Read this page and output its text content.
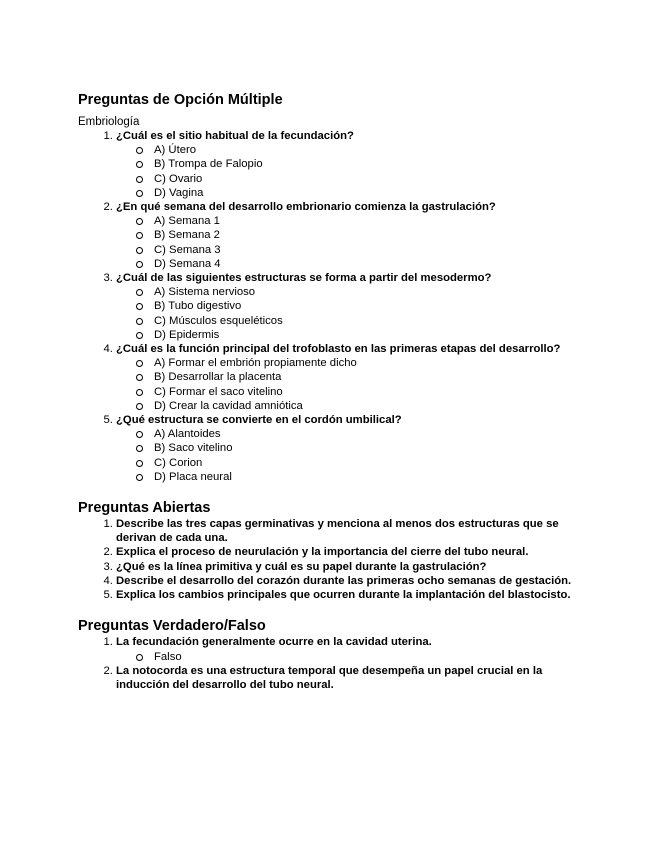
Preguntas de Opción Múltiple

Embriología

1. ¿Cuál es el sitio habitual de la fecundación?
A) Útero
B) Trompa de Falopio
C) Ovario
D) Vagina
2. ¿En qué semana del desarrollo embrionario comienza la gastrulación?
A) Semana 1
B) Semana 2
C) Semana 3
D) Semana 4
3. ¿Cuál de las siguientes estructuras se forma a partir del mesodermo?
A) Sistema nervioso
B) Tubo digestivo
C) Músculos esqueléticos
D) Epidermis
4. ¿Cuál es la función principal del trofoblasto en las primeras etapas del desarrollo?
A) Formar el embrión propiamente dicho
B) Desarrollar la placenta
C) Formar el saco vitelino
D) Crear la cavidad amniótica
5. ¿Qué estructura se convierte en el cordón umbilical?
A) Alantoides
B) Saco vitelino
C) Corion
D) Placa neural
Preguntas Abiertas
1. Describe las tres capas germinativas y menciona al menos dos estructuras que se derivan de cada una.
2. Explica el proceso de neurulación y la importancia del cierre del tubo neural.
3. ¿Qué es la línea primitiva y cuál es su papel durante la gastrulación?
4. Describe el desarrollo del corazón durante las primeras ocho semanas de gestación.
5. Explica los cambios principales que ocurren durante la implantación del blastocisto.
Preguntas Verdadero/Falso
1. La fecundación generalmente ocurre en la cavidad uterina.
Falso
2. La notocorda es una estructura temporal que desempeña un papel crucial en la inducción del desarrollo del tubo neural.
